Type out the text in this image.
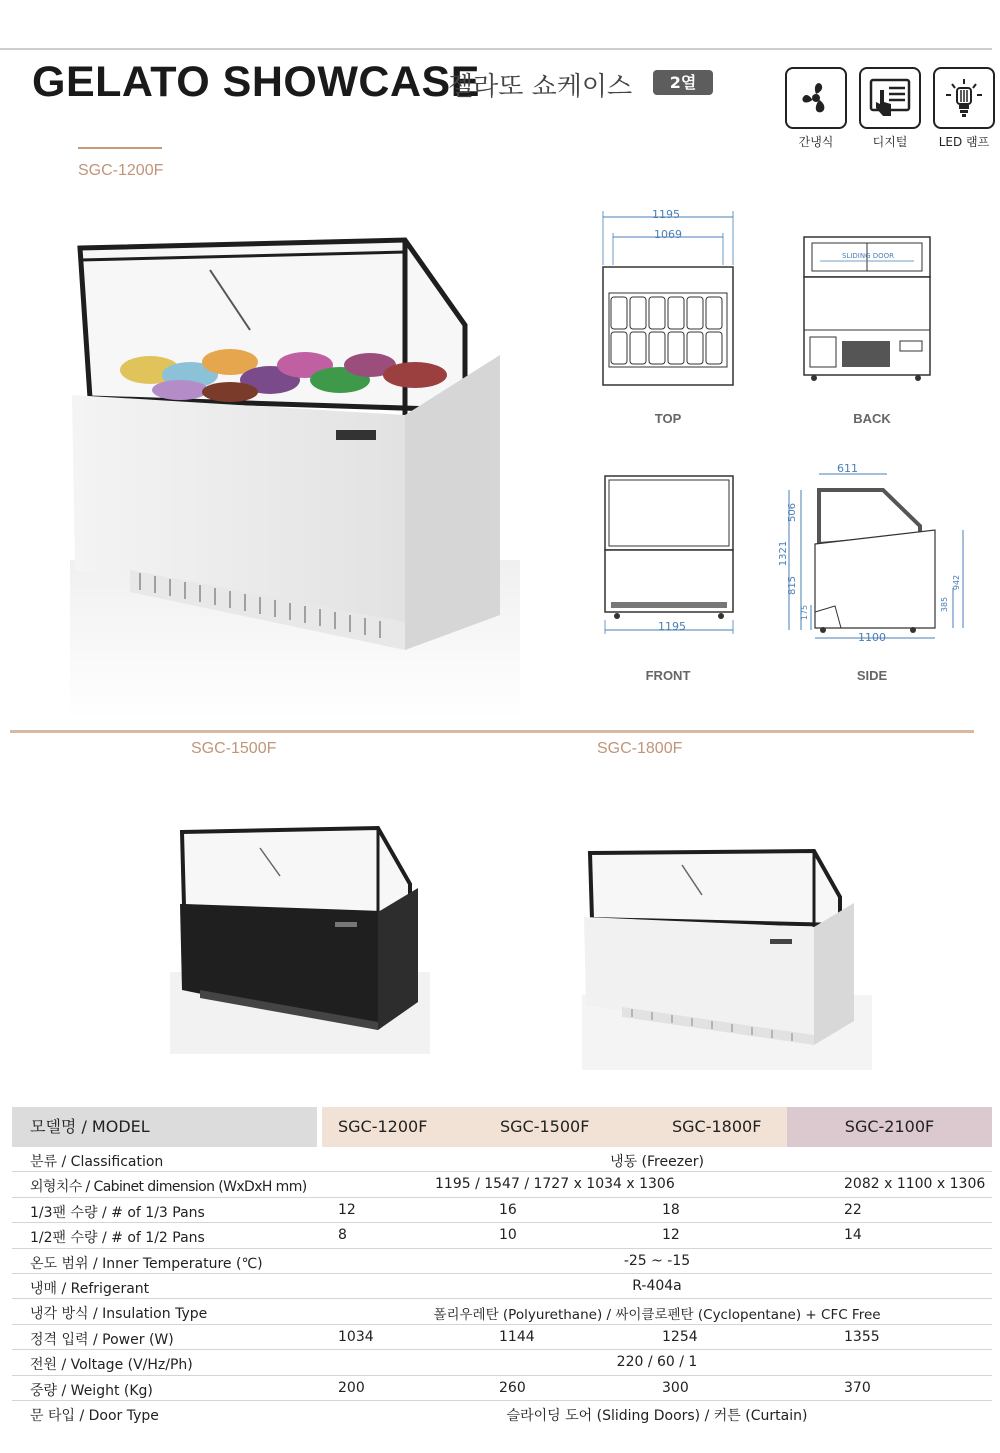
GELATO SHOWCASE
젤라또 쇼케이스	2열
간냉식	디지털	LED 램프
SGC-1200F
1195
1069
TOP
SLIDING DOOR
BACK
1195
FRONT
611
506
1321
815
175
1100
385
942
SIDE
SGC-1500F	SGC-1800F
모델명 / MODEL	SGC-1200F	SGC-1500F	SGC-1800F	SGC-2100F
분류 / Classification	냉동 (Freezer)
외형치수 / Cabinet dimension (WxDxH mm)	1195 / 1547 / 1727 x 1034 x 1306	2082 x 1100 x 1306
1/3팬 수량 / # of 1/3 Pans	12	16	18	22
1/2팬 수량 / # of 1/2 Pans	8	10	12	14
온도 범위 / Inner Temperature (℃)	-25 ~ -15
냉매 / Refrigerant	R-404a
냉각 방식 / Insulation Type	폴리우레탄 (Polyurethane) / 싸이클로펜탄 (Cyclopentane) + CFC Free
정격 입력 / Power (W)	1034	1144	1254	1355
전원 / Voltage (V/Hz/Ph)	220 / 60 / 1
중량 / Weight (Kg)	200	260	300	370
문 타입 / Door Type	슬라이딩 도어 (Sliding Doors) / 커튼 (Curtain)
